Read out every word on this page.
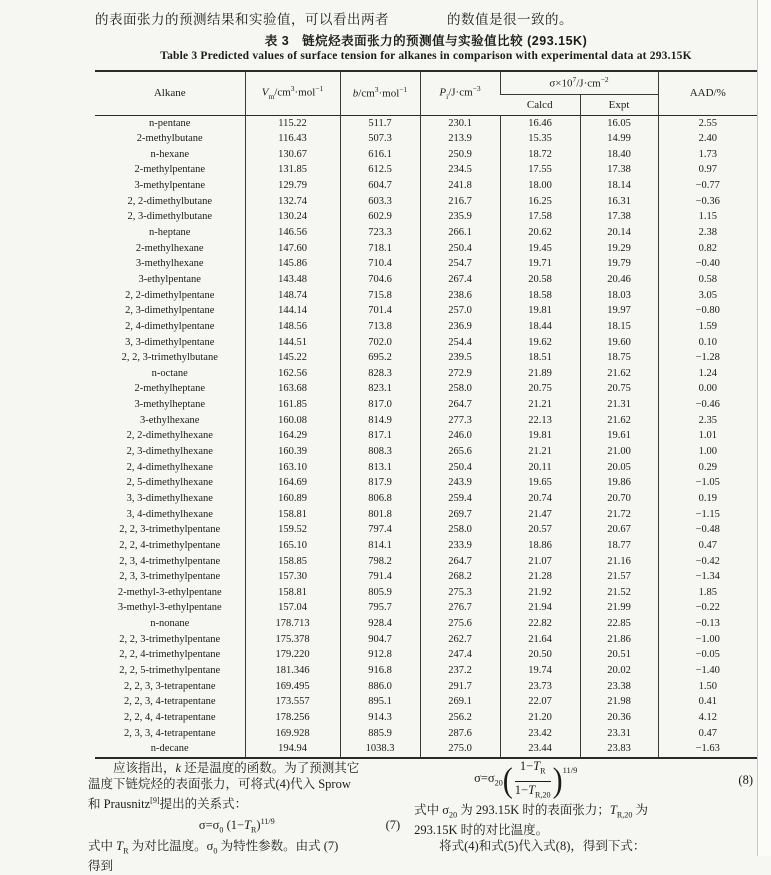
的表面张力的预测结果和实验值，可以看出两者	的数值是很一致的。
表 3　链烷烃表面张力的预测值与实验值比较 (293.15K)
Table 3 Predicted values of surface tension for alkanes in comparison with experimental data at 293.15K
Alkane	$V_m/cm^3\cdot mol^{-1}$	$b/cm^3\cdot mol^{-1}$	$P_i/J\cdot cm^{-3}$	$\sigma\times 10^7/J\cdot cm^{-2}$		AAD/%
				Calcd	Expt	
n-pentane	115.22	511.7	230.1	16.46	16.05	2.55
2-methylbutane	116.43	507.3	213.9	15.35	14.99	2.40
n-hexane	130.67	616.1	250.9	18.72	18.40	1.73
2-methylpentane	131.85	612.5	234.5	17.55	17.38	0.97
3-methylpentane	129.79	604.7	241.8	18.00	18.14	−0.77
2, 2-dimethylbutane	132.74	603.3	216.7	16.25	16.31	−0.36
2, 3-dimethylbutane	130.24	602.9	235.9	17.58	17.38	1.15
n-heptane	146.56	723.3	266.1	20.62	20.14	2.38
2-methylhexane	147.60	718.1	250.4	19.45	19.29	0.82
3-methylhexane	145.86	710.4	254.7	19.71	19.79	−0.40
3-ethylpentane	143.48	704.6	267.4	20.58	20.46	0.58
2, 2-dimethylpentane	148.74	715.8	238.6	18.58	18.03	3.05
2, 3-dimethylpentane	144.14	701.4	257.0	19.81	19.97	−0.80
2, 4-dimethylpentane	148.56	713.8	236.9	18.44	18.15	1.59
3, 3-dimethylpentane	144.51	702.0	254.4	19.62	19.60	0.10
2, 2, 3-trimethylbutane	145.22	695.2	239.5	18.51	18.75	−1.28
n-octane	162.56	828.3	272.9	21.89	21.62	1.24
2-methylheptane	163.68	823.1	258.0	20.75	20.75	0.00
3-methylheptane	161.85	817.0	264.7	21.21	21.31	−0.46
3-ethylhexane	160.08	814.9	277.3	22.13	21.62	2.35
2, 2-dimethylhexane	164.29	817.1	246.0	19.81	19.61	1.01
2, 3-dimethylhexane	160.39	808.3	265.6	21.21	21.00	1.00
2, 4-dimethylhexane	163.10	813.1	250.4	20.11	20.05	0.29
2, 5-dimethylhexane	164.69	817.9	243.9	19.65	19.86	−1.05
3, 3-dimethylhexane	160.89	806.8	259.4	20.74	20.70	0.19
3, 4-dimethylhexane	158.81	801.8	269.7	21.47	21.72	−1.15
2, 2, 3-trimethylpentane	159.52	797.4	258.0	20.57	20.67	−0.48
2, 2, 4-trimethylpentane	165.10	814.1	233.9	18.86	18.77	0.47
2, 3, 4-trimethylpentane	158.85	798.2	264.7	21.07	21.16	−0.42
2, 3, 3-trimethylpentane	157.30	791.4	268.2	21.28	21.57	−1.34
2-methyl-3-ethylpentane	158.81	805.9	275.3	21.92	21.52	1.85
3-methyl-3-ethylpentane	157.04	795.7	276.7	21.94	21.99	−0.22
n-nonane	178.713	928.4	275.6	22.82	22.85	−0.13
2, 2, 3-trimethylpentane	175.378	904.7	262.7	21.64	21.86	−1.00
2, 2, 4-trimethylpentane	179.220	912.8	247.4	20.50	20.51	−0.05
2, 2, 5-trimethylpentane	181.346	916.8	237.2	19.74	20.02	−1.40
2, 2, 3, 3-tetrapentane	169.495	886.0	291.7	23.73	23.38	1.50
2, 2, 3, 4-tetrapentane	173.557	895.1	269.1	22.07	21.98	0.41
2, 2, 4, 4-tetrapentane	178.256	914.3	256.2	21.20	20.36	4.12
2, 3, 3, 4-tetrapentane	169.928	885.9	287.6	23.42	23.31	0.47
n-decane	194.94	1038.3	275.0	23.44	23.83	−1.63

应该指出，k 还是温度的函数。为了预测其它

温度下链烷烃的表面张力，可将式(4)代入 Sprow

和 Prausnitz[9]提出的关系式：

$\sigma=\sigma_0$ $(1-T_R)^{11/9}$	(7)

式中 $T_R$ 为对比温度。$\sigma_0$ 为特性参数。由式 (7)

得到

$\sigma=\sigma_{20}$ ( $\frac{1-T_R}{1-T_{R,20}}$ ) 11/9
(8)

式中 $\sigma_{20}$ 为 293.15K 时的表面张力；$T_{R,20}$ 为

293.15K 时的对比温度。

将式(4)和式(5)代入式(8)，得到下式：
